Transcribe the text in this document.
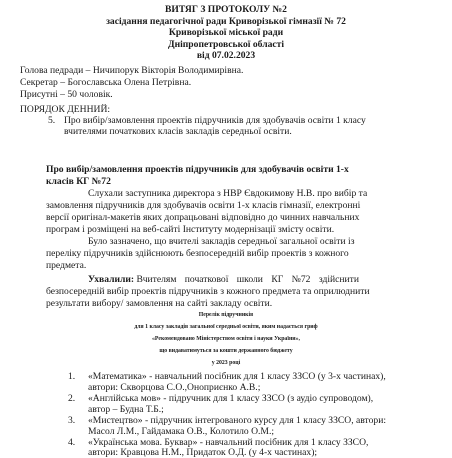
ВИТЯГ З ПРОТОКОЛУ №2
засідання педагогічної ради Криворізької гімназії № 72
Криворізької міської ради
Дніпропетровської області
від 07.02.2023
Голова педради – Ничипорук Вікторія Володимирівна.
Секретар – Богославська Олена Петрівна.
Присутні – 50 чоловік.
ПОРЯДОК ДЕННИЙ:
5. Про вибір/замовлення проектів підручників для здобувачів освіти 1 класу
вчителями початкових класів закладів середньої освіти.
Про вибір/замовлення проектів підручників для здобувачів освіти 1-х
класів КГ №72
Слухали заступника директора з НВР Євдокимову Н.В. про вибір та
замовлення підручників для здобувачів освіти 1-х класів гімназії, електронні
версії оригінал-макетів яких допрацьовані відповідно до чинних навчальних
програм і розміщені на веб-сайті Інституту модернізації змісту освіти.
Було зазначено, що вчителі закладів середньої загальної освіти із
переліку підручників здійснюють безпосередній вибір проектів з кожного
предмета.
Ухвалили: Вчителям початкової школи КГ №72 здійснити
безпосередній вибір проектів підручників з кожного предмета та оприлюднити
результати вибору/ замовлення на сайті закладу освіти.
Перелік підручників
для 1 класу закладів загальної середньої освіти, яким надається гриф
«Рекомендовано Міністерством освіти і науки України»,
що видаватимуться за кошти державного бюджету
у 2023 році
1. «Математика» - навчальний посібник для 1 класу ЗЗСО (у 3-х частинах),
автори: Скворцова С.О.,Оноприєнко А.В.;
2. «Англійська мов» - підручник для 1 класу ЗЗСО (з аудіо супроводом),
автор – Будна Т.Б.;
3. «Мистецтво» - підручник інтегрованого курсу для 1 класу ЗЗСО, автори:
Масол Л.М., Гайдамака О.В., Колотило О.М.;
4. «Українська мова. Буквар» - навчальний посібник для 1 класу ЗЗСО,
автори: Кравцова Н.М., Придаток О.Д. (у 4-х частинах);
